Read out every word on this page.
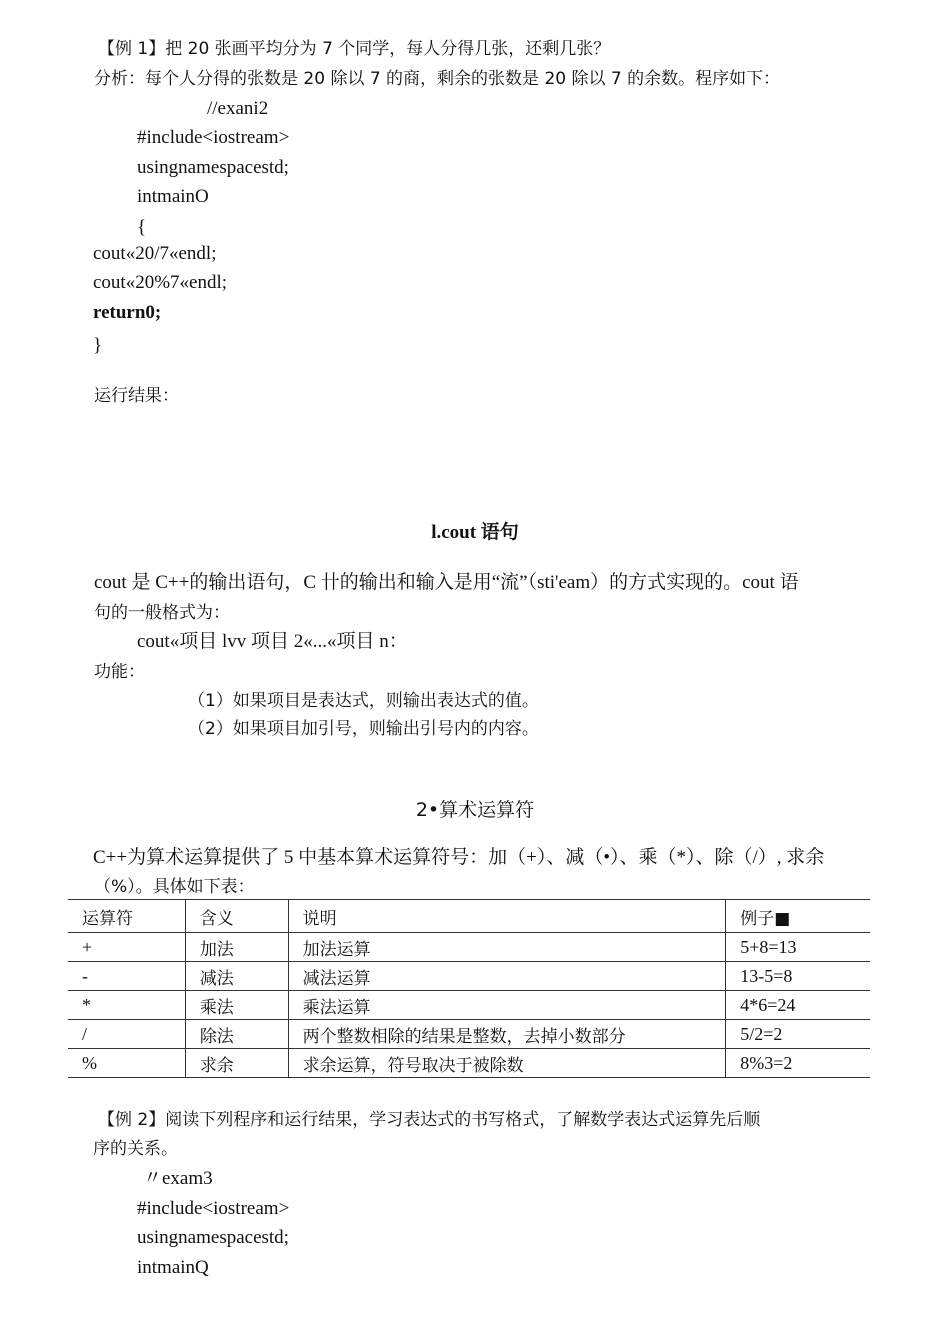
【例 1】把 20 张画平均分为 7 个同学，每人分得几张，还剩几张？
分析：每个人分得的张数是 20 除以 7 的商，剩余的张数是 20 除以 7 的余数。程序如下：
//exani2
#include<iostream>
usingnamespacestd;
intmainO
{
cout«20/7«endl;
cout«20%7«endl;
return0;
}
运行结果：
l.cout 语句
cout 是 C++的输出语句，C 卄的输出和输入是用“流”（sti'eam）的方式实现的。cout 语
句的一般格式为：
cout«项目 lvv 项目 2«...«项目 n：
功能：
（1）如果项目是表达式，则输出表达式的值。
（2）如果项目加引号，则输出引号内的内容。
2•算术运算符
C++为算术运算提供了 5 中基本算术运算符号：加（+）、减（•）、乘（*）、除（/）, 求余
（%）。具体如下表：
运算符	含义	说明	例子■
+	加法	加法运算	5+8=13
-	减法	减法运算	13-5=8
*	乘法	乘法运算	4*6=24
/	除法	两个整数相除的结果是整数，去掉小数部分	5/2=2
%	求余	求余运算，符号取决于被除数	8%3=2
【例 2】阅读下列程序和运行结果，学习表达式的书写格式，了解数学表达式运算先后顺
序的关系。
〃exam3
#include<iostream>
usingnamespacestd;
intmainQ
